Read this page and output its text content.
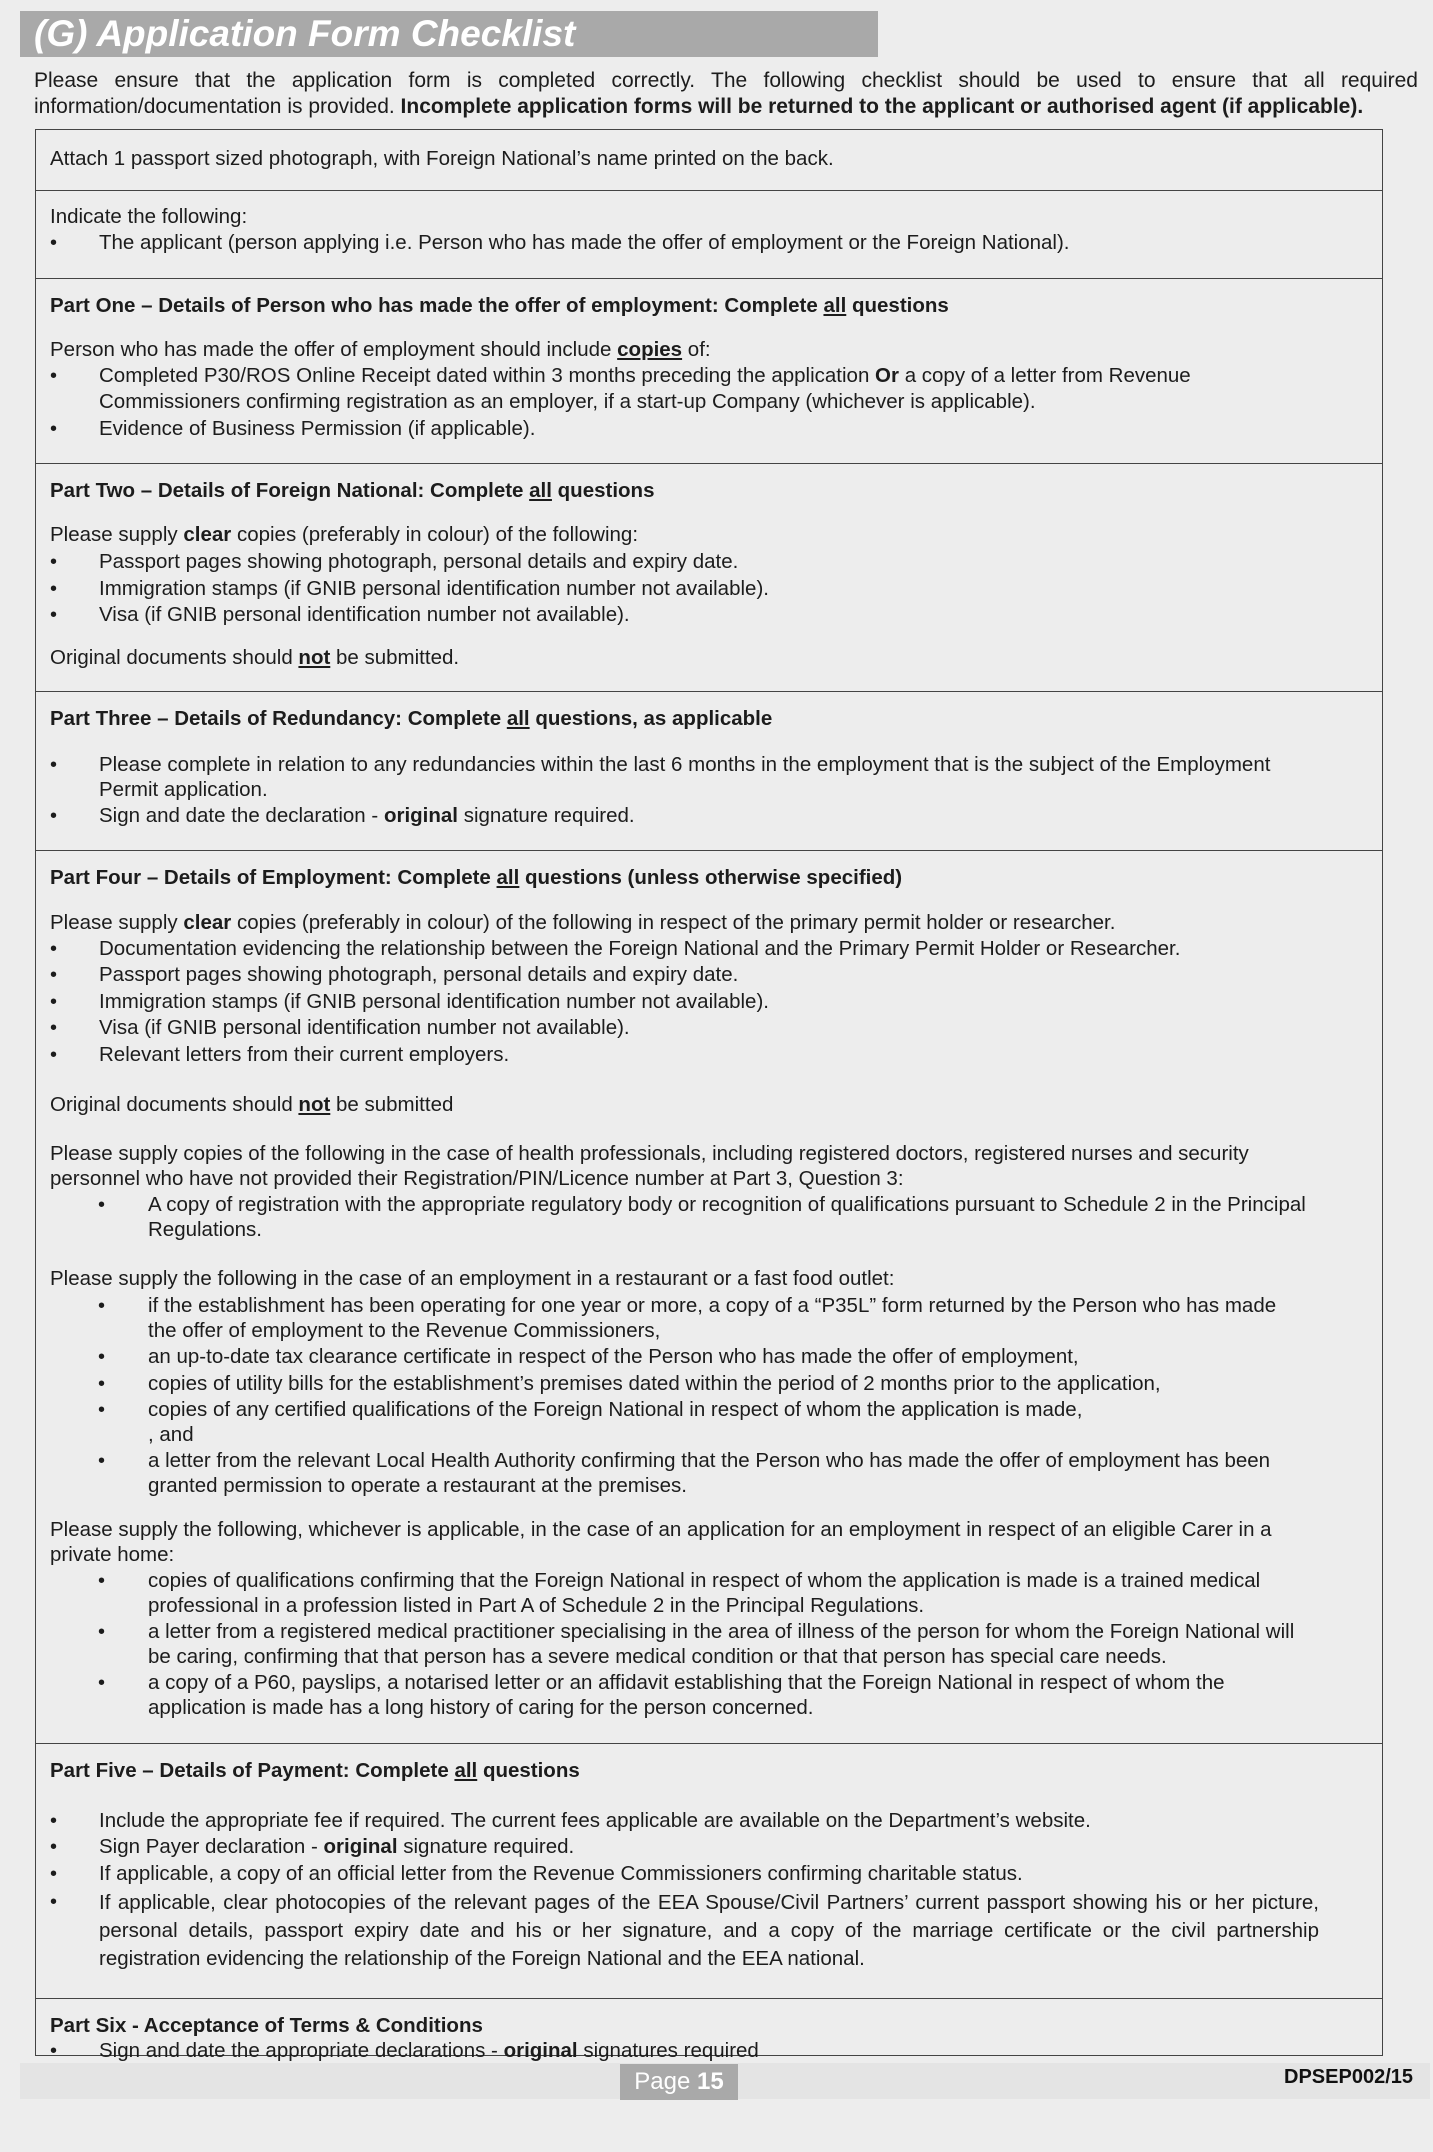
(G) Application Form Checklist
Please ensure that the application form is completed correctly. The following checklist should be used to ensure that all required information/documentation is provided. Incomplete application forms will be returned to the applicant or authorised agent (if applicable).
Attach 1 passport sized photograph, with Foreign National’s name printed on the back.
Indicate the following:
• The applicant (person applying i.e. Person who has made the offer of employment or the Foreign National).
Part One – Details of Person who has made the offer of employment: Complete all questions
Person who has made the offer of employment should include copies of:
• Completed P30/ROS Online Receipt dated within 3 months preceding the application Or a copy of a letter from Revenue
Commissioners confirming registration as an employer, if a start-up Company (whichever is applicable).
• Evidence of Business Permission (if applicable).
Part Two – Details of Foreign National: Complete all questions
Please supply clear copies (preferably in colour) of the following:
• Passport pages showing photograph, personal details and expiry date.
• Immigration stamps (if GNIB personal identification number not available).
• Visa (if GNIB personal identification number not available).
Original documents should not be submitted.
Part Three – Details of Redundancy: Complete all questions, as applicable
• Please complete in relation to any redundancies within the last 6 months in the employment that is the subject of the Employment
Permit application.
• Sign and date the declaration - original signature required.
Part Four – Details of Employment: Complete all questions (unless otherwise specified)
Please supply clear copies (preferably in colour) of the following in respect of the primary permit holder or researcher.
• Documentation evidencing the relationship between the Foreign National and the Primary Permit Holder or Researcher.
• Passport pages showing photograph, personal details and expiry date.
• Immigration stamps (if GNIB personal identification number not available).
• Visa (if GNIB personal identification number not available).
• Relevant letters from their current employers.
Original documents should not be submitted
Please supply copies of the following in the case of health professionals, including registered doctors, registered nurses and security
personnel who have not provided their Registration/PIN/Licence number at Part 3, Question 3:
• A copy of registration with the appropriate regulatory body or recognition of qualifications pursuant to Schedule 2 in the Principal
Regulations.
Please supply the following in the case of an employment in a restaurant or a fast food outlet:
• if the establishment has been operating for one year or more, a copy of a “P35L” form returned by the Person who has made
the offer of employment to the Revenue Commissioners,
• an up-to-date tax clearance certificate in respect of the Person who has made the offer of employment,
• copies of utility bills for the establishment’s premises dated within the period of 2 months prior to the application,
• copies of any certified qualifications of the Foreign National in respect of whom the application is made,
, and
• a letter from the relevant Local Health Authority confirming that the Person who has made the offer of employment has been
granted permission to operate a restaurant at the premises.
Please supply the following, whichever is applicable, in the case of an application for an employment in respect of an eligible Carer in a
private home:
• copies of qualifications confirming that the Foreign National in respect of whom the application is made is a trained medical
professional in a profession listed in Part A of Schedule 2 in the Principal Regulations.
• a letter from a registered medical practitioner specialising in the area of illness of the person for whom the Foreign National will
be caring, confirming that that person has a severe medical condition or that that person has special care needs.
• a copy of a P60, payslips, a notarised letter or an affidavit establishing that the Foreign National in respect of whom the
application is made has a long history of caring for the person concerned.
Part Five – Details of Payment: Complete all questions
• Include the appropriate fee if required. The current fees applicable are available on the Department’s website.
• Sign Payer declaration - original signature required.
• If applicable, a copy of an official letter from the Revenue Commissioners confirming charitable status.
• If applicable, clear photocopies of the relevant pages of the EEA Spouse/Civil Partners’ current passport showing his or her picture, personal details, passport expiry date and his or her signature, and a copy of the marriage certificate or the civil partnership registration evidencing the relationship of the Foreign National and the EEA national.
Part Six - Acceptance of Terms & Conditions
• Sign and date the appropriate declarations - original signatures required
Page 15	DPSEP002/15
